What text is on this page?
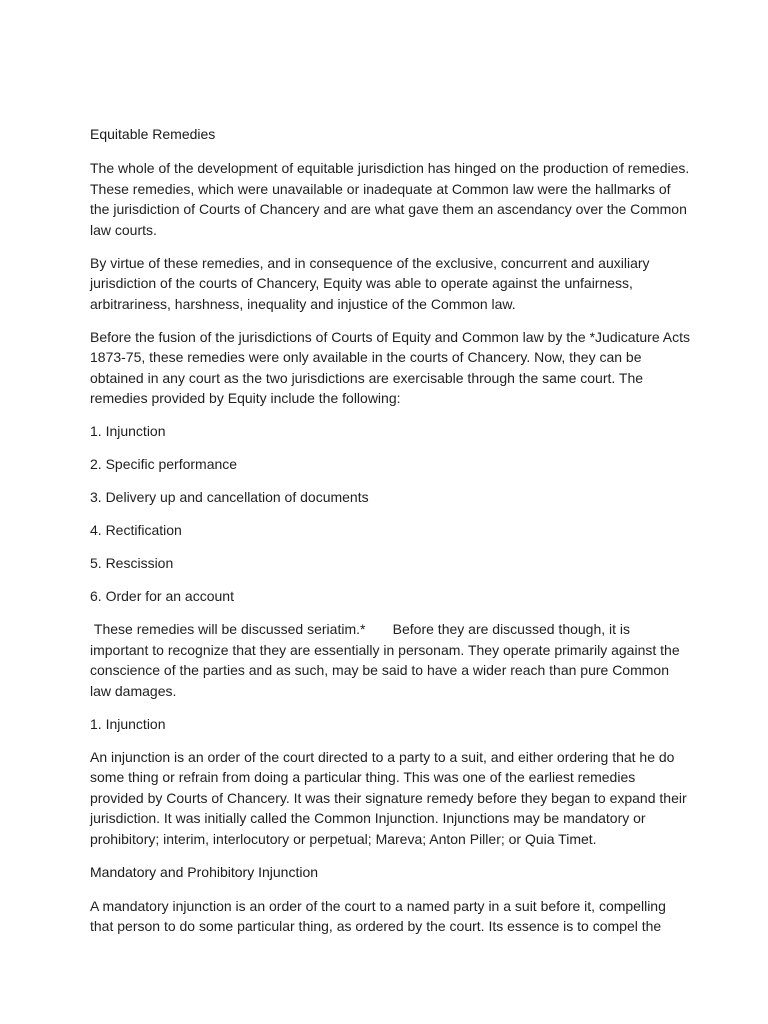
Equitable Remedies

The whole of the development of equitable jurisdiction has hinged on the production of remedies. These remedies, which were unavailable or inadequate at Common law were the hallmarks of the jurisdiction of Courts of Chancery and are what gave them an ascendancy over the Common law courts.

By virtue of these remedies, and in consequence of the exclusive, concurrent and auxiliary jurisdiction of the courts of Chancery, Equity was able to operate against the unfairness, arbitrariness, harshness, inequality and injustice of the Common law.

Before the fusion of the jurisdictions of Courts of Equity and Common law by the *Judicature Acts 1873-75, these remedies were only available in the courts of Chancery. Now, they can be obtained in any court as the two jurisdictions are exercisable through the same court. The remedies provided by Equity include the following:

1. Injunction
2. Specific performance
3. Delivery up and cancellation of documents
4. Rectification
5. Rescission
6. Order for an account

These remedies will be discussed seriatim.*       Before they are discussed though, it is important to recognize that they are essentially in personam. They operate primarily against the conscience of the parties and as such, may be said to have a wider reach than pure Common law damages.

1. Injunction

An injunction is an order of the court directed to a party to a suit, and either ordering that he do some thing or refrain from doing a particular thing. This was one of the earliest remedies provided by Courts of Chancery. It was their signature remedy before they began to expand their jurisdiction. It was initially called the Common Injunction. Injunctions may be mandatory or prohibitory; interim, interlocutory or perpetual; Mareva; Anton Piller; or Quia Timet.

Mandatory and Prohibitory Injunction

A mandatory injunction is an order of the court to a named party in a suit before it, compelling that person to do some particular thing, as ordered by the court. Its essence is to compel the
